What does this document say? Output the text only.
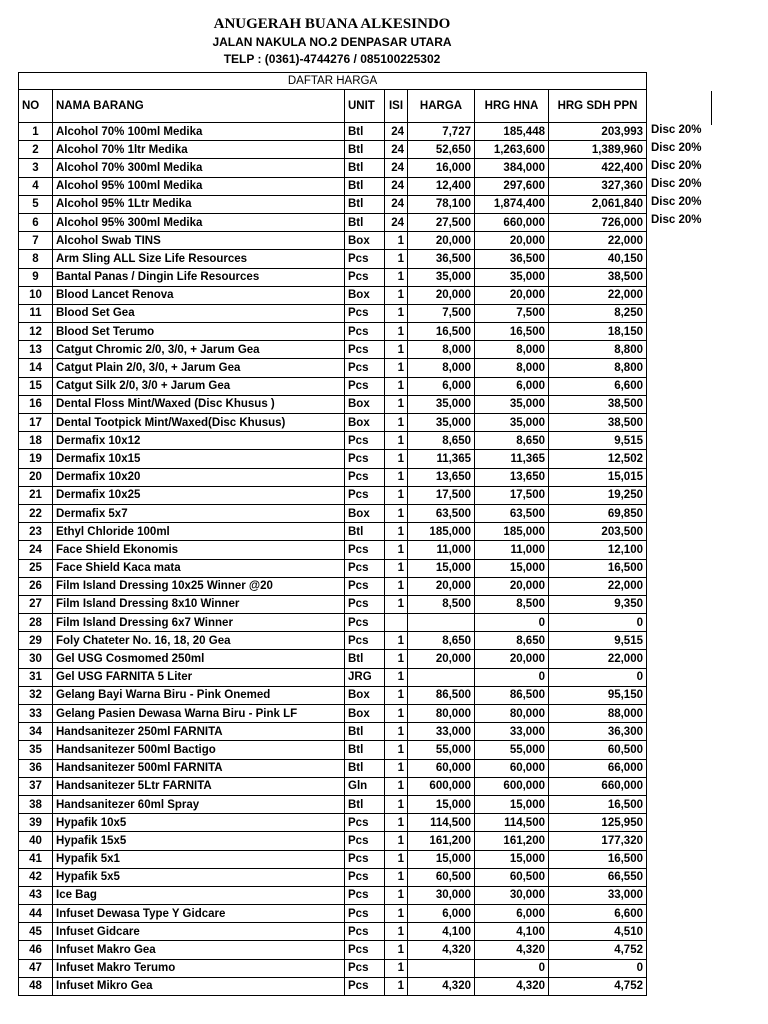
ANUGERAH BUANA ALKESINDO
JALAN NAKULA NO.2 DENPASAR UTARA
TELP : (0361)-4744276 / 085100225302
DAFTAR HARGA						
NO	NAMA BARANG	UNIT	ISI	HARGA	HRG HNA	HRG SDH PPN
1	Alcohol 70% 100ml Medika	Btl	24	7,727	185,448	203,993
2	Alcohol 70% 1ltr Medika	Btl	24	52,650	1,263,600	1,389,960
3	Alcohol 70% 300ml Medika	Btl	24	16,000	384,000	422,400
4	Alcohol 95% 100ml Medika	Btl	24	12,400	297,600	327,360
5	Alcohol 95% 1Ltr Medika	Btl	24	78,100	1,874,400	2,061,840
6	Alcohol 95% 300ml Medika	Btl	24	27,500	660,000	726,000
7	Alcohol Swab TINS	Box	1	20,000	20,000	22,000
8	Arm Sling ALL Size Life Resources	Pcs	1	36,500	36,500	40,150
9	Bantal Panas / Dingin Life Resources	Pcs	1	35,000	35,000	38,500
10	Blood Lancet Renova	Box	1	20,000	20,000	22,000
11	Blood Set Gea	Pcs	1	7,500	7,500	8,250
12	Blood Set Terumo	Pcs	1	16,500	16,500	18,150
13	Catgut Chromic 2/0, 3/0, + Jarum Gea	Pcs	1	8,000	8,000	8,800
14	Catgut Plain 2/0, 3/0, + Jarum Gea	Pcs	1	8,000	8,000	8,800
15	Catgut Silk 2/0, 3/0 + Jarum Gea	Pcs	1	6,000	6,000	6,600
16	Dental Floss Mint/Waxed (Disc Khusus )	Box	1	35,000	35,000	38,500
17	Dental Tootpick Mint/Waxed(Disc Khusus)	Box	1	35,000	35,000	38,500
18	Dermafix 10x12	Pcs	1	8,650	8,650	9,515
19	Dermafix 10x15	Pcs	1	11,365	11,365	12,502
20	Dermafix 10x20	Pcs	1	13,650	13,650	15,015
21	Dermafix 10x25	Pcs	1	17,500	17,500	19,250
22	Dermafix 5x7	Box	1	63,500	63,500	69,850
23	Ethyl Chloride 100ml	Btl	1	185,000	185,000	203,500
24	Face Shield Ekonomis	Pcs	1	11,000	11,000	12,100
25	Face Shield Kaca mata	Pcs	1	15,000	15,000	16,500
26	Film Island Dressing 10x25 Winner @20	Pcs	1	20,000	20,000	22,000
27	Film Island Dressing 8x10 Winner	Pcs	1	8,500	8,500	9,350
28	Film Island Dressing 6x7 Winner	Pcs			0	0
29	Foly Chateter No. 16, 18, 20 Gea	Pcs	1	8,650	8,650	9,515
30	Gel USG Cosmomed 250ml	Btl	1	20,000	20,000	22,000
31	Gel USG FARNITA 5 Liter	JRG	1		0	0
32	Gelang Bayi Warna Biru - Pink Onemed	Box	1	86,500	86,500	95,150
33	Gelang Pasien Dewasa Warna Biru - Pink LF	Box	1	80,000	80,000	88,000
34	Handsanitezer 250ml FARNITA	Btl	1	33,000	33,000	36,300
35	Handsanitezer 500ml Bactigo	Btl	1	55,000	55,000	60,500
36	Handsanitezer 500ml FARNITA	Btl	1	60,000	60,000	66,000
37	Handsanitezer 5Ltr FARNITA	Gln	1	600,000	600,000	660,000
38	Handsanitezer 60ml Spray	Btl	1	15,000	15,000	16,500
39	Hypafik 10x5	Pcs	1	114,500	114,500	125,950
40	Hypafik 15x5	Pcs	1	161,200	161,200	177,320
41	Hypafik 5x1	Pcs	1	15,000	15,000	16,500
42	Hypafik 5x5	Pcs	1	60,500	60,500	66,550
43	Ice Bag	Pcs	1	30,000	30,000	33,000
44	Infuset Dewasa Type Y Gidcare	Pcs	1	6,000	6,000	6,600
45	Infuset Gidcare	Pcs	1	4,100	4,100	4,510
46	Infuset Makro Gea	Pcs	1	4,320	4,320	4,752
47	Infuset Makro Terumo	Pcs	1		0	0
48	Infuset Mikro Gea	Pcs	1	4,320	4,320	4,752
Disc 20%
Disc 20%
Disc 20%
Disc 20%
Disc 20%
Disc 20%
